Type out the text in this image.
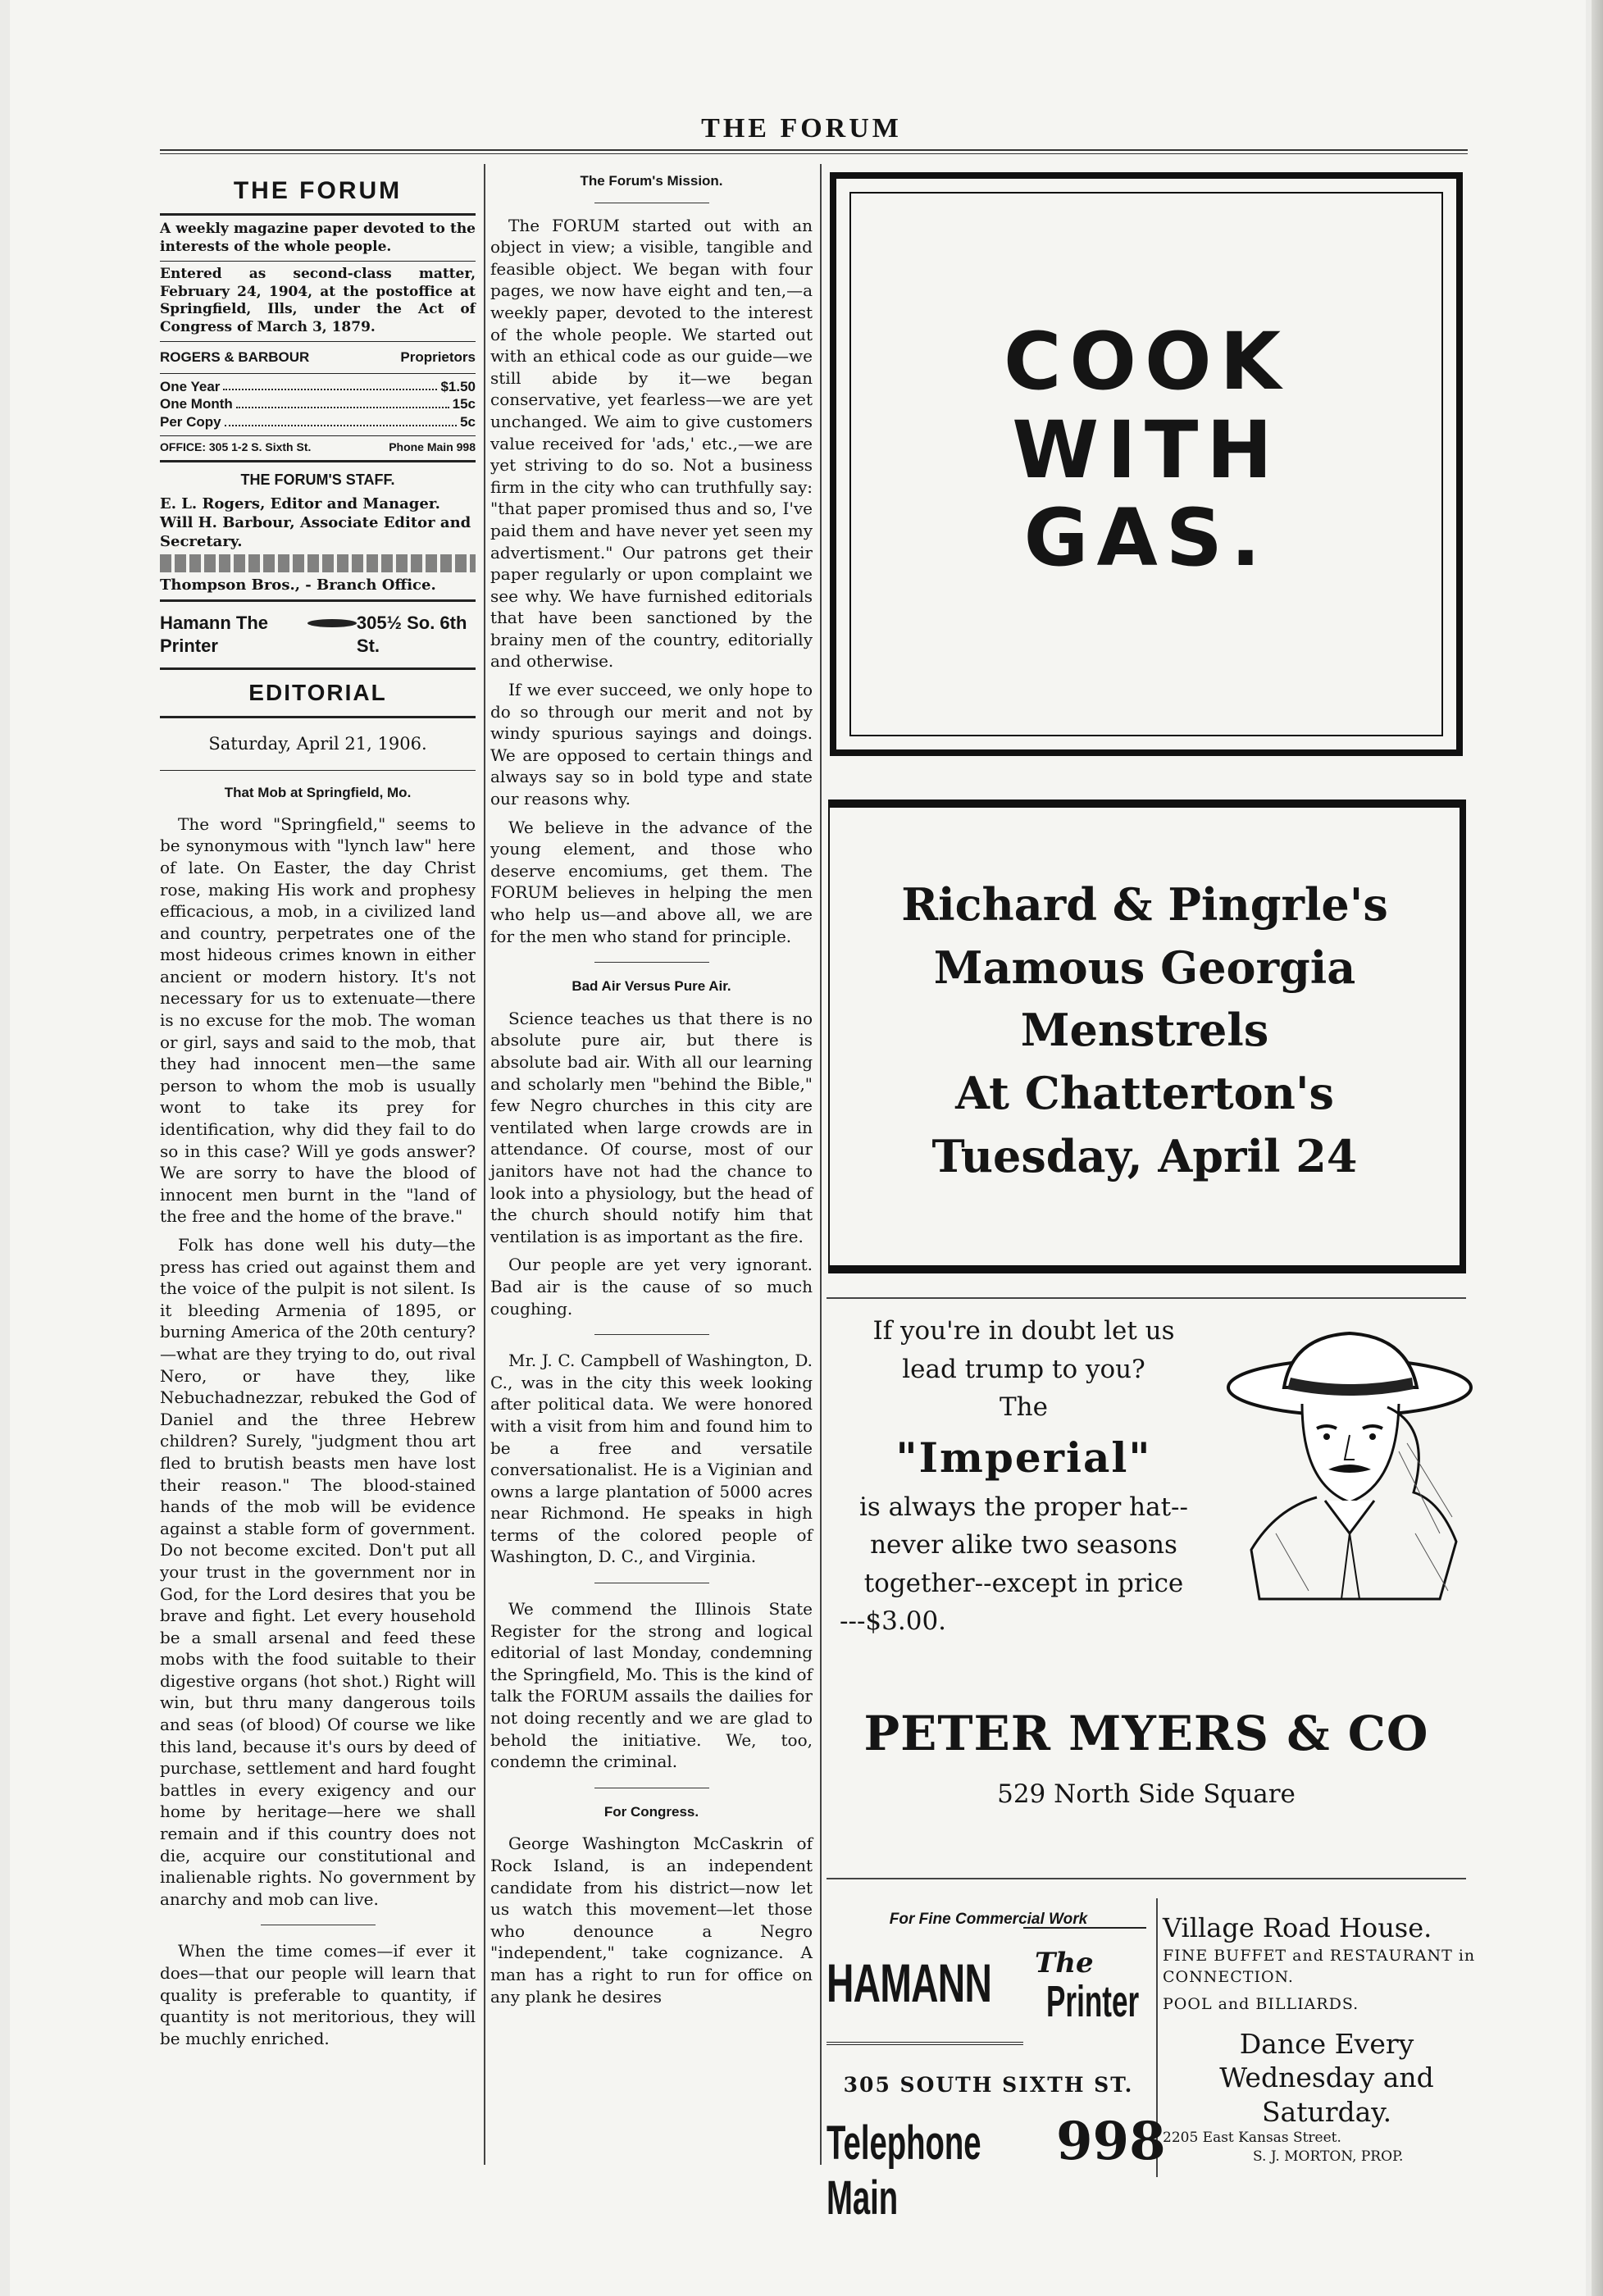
THE FORUM
THE FORUM
A weekly magazine paper devoted to the interests of the whole people.
Entered as second-class matter, February 24, 1904, at the postoffice at Springfield, Ills, under the Act of Congress of March 3, 1879.
ROGERS & BARBOUR	Proprietors
One Year	$1.50
One Month	15c
Per Copy	5c
OFFICE: 305 1-2 S. Sixth St.	Phone Main 998
THE FORUM'S STAFF.
E. L. Rogers, Editor and Manager.
Will H. Barbour, Associate Editor and Secretary.
Thompson Bros., - Branch Office.
Hamann The Printer
305½ So. 6th St.
EDITORIAL
Saturday, April 21, 1906.
That Mob at Springfield, Mo.

The word "Springfield," seems to be synonymous with "lynch law" here of late. On Easter, the day Christ rose, making His work and prophesy efficacious, a mob, in a civilized land and country, perpetrates one of the most hideous crimes known in either ancient or modern history. It's not necessary for us to extenuate—there is no excuse for the mob. The woman or girl, says and said to the mob, that they had innocent men—the same person to whom the mob is usually wont to take its prey for identification, why did they fail to do so in this case? Will ye gods answer? We are sorry to have the blood of innocent men burnt in the "land of the free and the home of the brave."

Folk has done well his duty—the press has cried out against them and the voice of the pulpit is not silent. Is it bleeding Armenia of 1895, or burning America of the 20th century?—what are they trying to do, out rival Nero, or have they, like Nebuchadnezzar, rebuked the God of Daniel and the three Hebrew children? Surely, "judgment thou art fled to brutish beasts men have lost their reason." The blood-stained hands of the mob will be evidence against a stable form of government. Do not become excited. Don't put all your trust in the government nor in God, for the Lord desires that you be brave and fight. Let every household be a small arsenal and feed these mobs with the food suitable to their digestive organs (hot shot.) Right will win, but thru many dangerous toils and seas (of blood) Of course we like this land, because it's ours by deed of purchase, settlement and hard fought battles in every exigency and our home by heritage—here we shall remain and if this country does not die, acquire our constitutional and inalienable rights. No government by anarchy and mob can live.

When the time comes—if ever it does—that our people will learn that quality is preferable to quantity, if quantity is not meritorious, they will be muchly enriched.

The Forum's Mission.

The FORUM started out with an object in view; a visible, tangible and feasible object. We began with four pages, we now have eight and ten,—a weekly paper, devoted to the interest of the whole people. We started out with an ethical code as our guide—we still abide by it—we began conservative, yet fearless—we are yet unchanged. We aim to give customers value received for 'ads,' etc.,—we are yet striving to do so. Not a business firm in the city who can truthfully say: "that paper promised thus and so, I've paid them and have never yet seen my advertisment." Our patrons get their paper regularly or upon complaint we see why. We have furnished editorials that have been sanctioned by the brainy men of the country, editorially and otherwise.

If we ever succeed, we only hope to do so through our merit and not by windy spurious sayings and doings. We are opposed to certain things and always say so in bold type and state our reasons why.

We believe in the advance of the young element, and those who deserve encomiums, get them. The FORUM believes in helping the men who help us—and above all, we are for the men who stand for principle.

Bad Air Versus Pure Air.

Science teaches us that there is no absolute pure air, but there is absolute bad air. With all our learning and scholarly men "behind the Bible," few Negro churches in this city are ventilated when large crowds are in attendance. Of course, most of our janitors have not had the chance to look into a physiology, but the head of the church should notify him that ventilation is as important as the fire.

Our people are yet very ignorant. Bad air is the cause of so much coughing.

Mr. J. C. Campbell of Washington, D. C., was in the city this week looking after political data. We were honored with a visit from him and found him to be a free and versatile conversationalist. He is a Viginian and owns a large plantation of 5000 acres near Richmond. He speaks in high terms of the colored people of Washington, D. C., and Virginia.

We commend the Illinois State Register for the strong and logical editorial of last Monday, condemning the Springfield, Mo. This is the kind of talk the FORUM assails the dailies for not doing recently and we are glad to behold the initiative. We, too, condemn the criminal.

For Congress.

George Washington McCaskrin of Rock Island, is an independent candidate from his district—now let us watch this movement—let those who denounce a Negro "independent," take cognizance. A man has a right to run for office on any plank he desires

COOK
WITH
GAS.
Richard & Pingrle's
Mamous Georgia
Menstrels
At Chatterton's
Tuesday, April 24
If you're in doubt let us
lead trump to you?
The
"Imperial"
is always the proper hat--
never alike two seasons
together--except in price
---$3.00.
PETER MYERS & CO
529 North Side Square
For Fine Commercial Work
HAMANN The
Printer
305 SOUTH SIXTH ST.
Telephone Main
998
Village Road House.
FINE BUFFET and RESTAURANT in CONNECTION.
POOL and BILLIARDS.
Dance Every Wednesday and Saturday.
2205 East Kansas Street.
S. J. MORTON, PROP.
